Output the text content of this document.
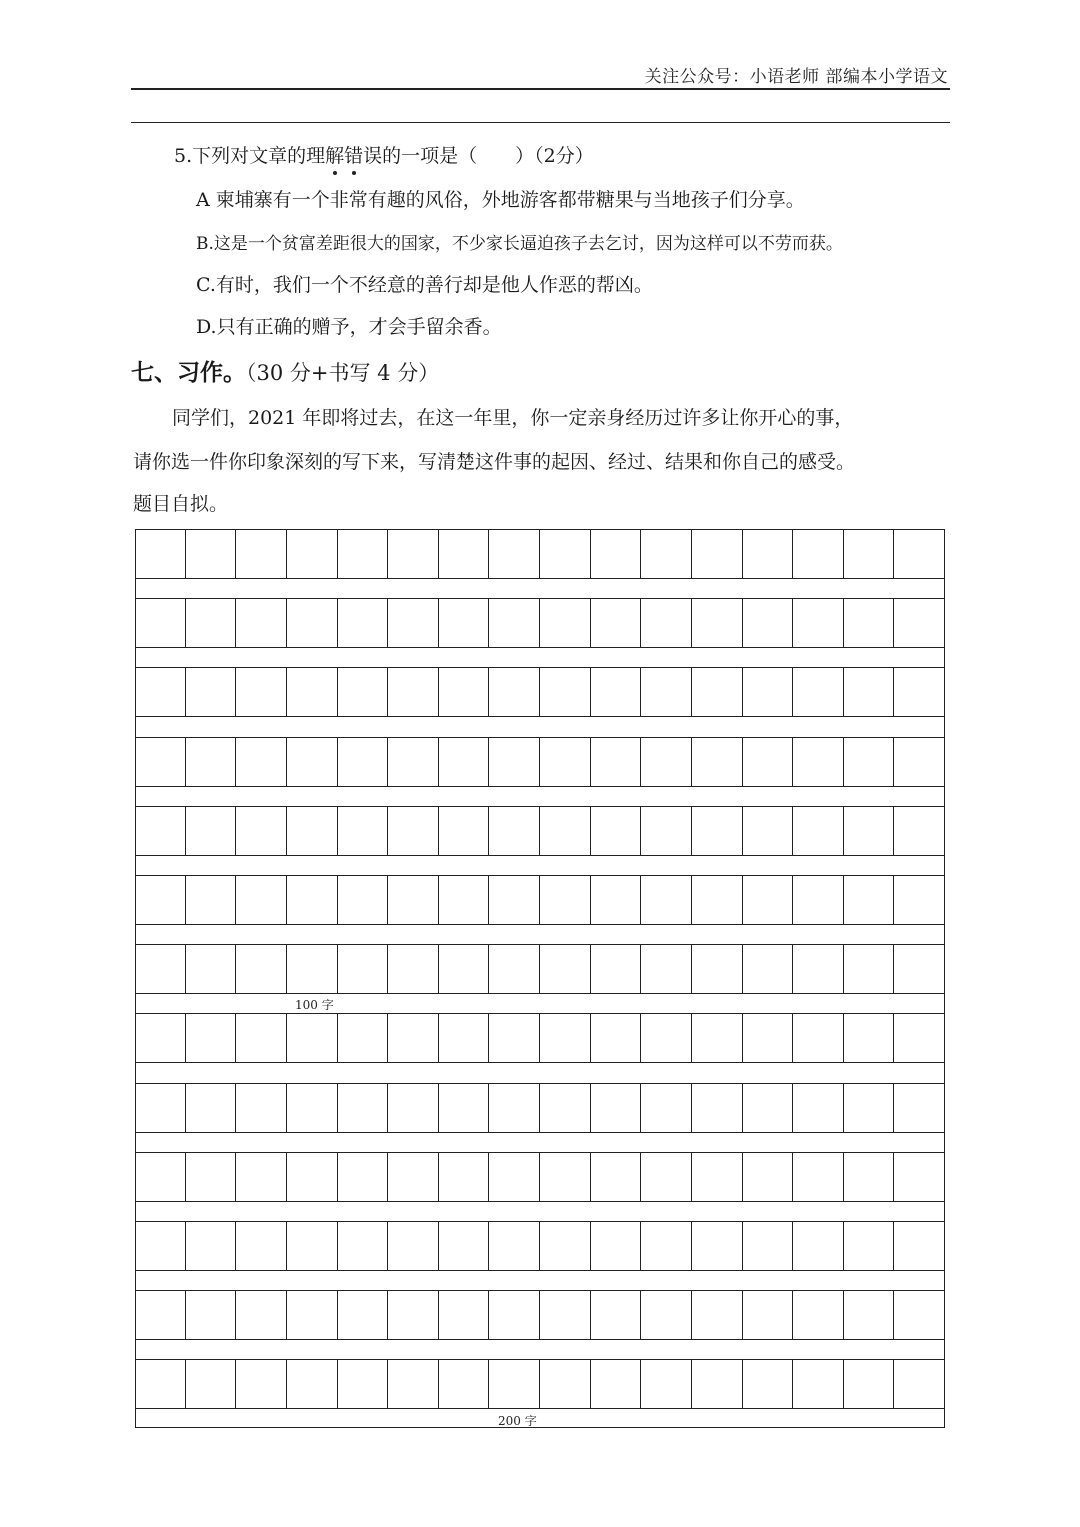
关注公众号：小语老师 部编本小学语文
5.下列对文章的理解错误的一项是（　　）（2分）
A 柬埔寨有一个非常有趣的风俗，外地游客都带糖果与当地孩子们分享。
B.这是一个贫富差距很大的国家，不少家长逼迫孩子去乞讨，因为这样可以不劳而获。
C.有时，我们一个不经意的善行却是他人作恶的帮凶。
D.只有正确的赠予，才会手留余香。
七、习作。（30 分+书写 4 分）
同学们，2021 年即将过去，在这一年里，你一定亲身经历过许多让你开心的事，
请你选一件你印象深刻的写下来，写清楚这件事的起因、经过、结果和你自己的感受。
题目自拟。
100 字
200 字
